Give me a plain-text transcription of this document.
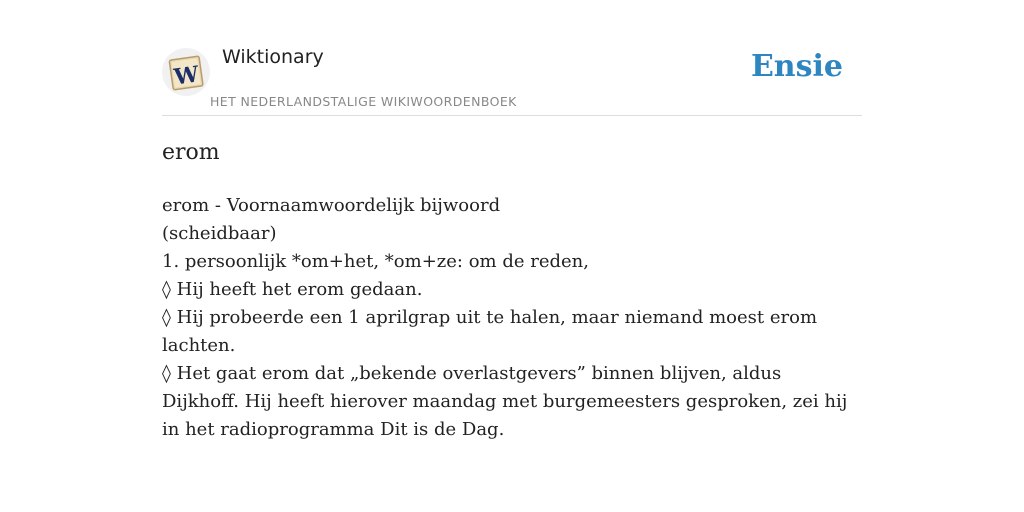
W
Wiktionary
HET NEDERLANDSTALIGE WIKIWOORDENBOEK
Ensie
erom
erom - Voornaamwoordelijk bijwoord
(scheidbaar)
1. persoonlijk *om+het, *om+ze: om de reden,
◊ Hij heeft het erom gedaan.
◊ Hij probeerde een 1 aprilgrap uit te halen, maar niemand moest erom lachten.
◊ Het gaat erom dat „bekende overlastgevers” binnen blijven, aldus Dijkhoff. Hij heeft hierover maandag met burgemeesters gesproken, zei hij in het radioprogramma Dit is de Dag.
